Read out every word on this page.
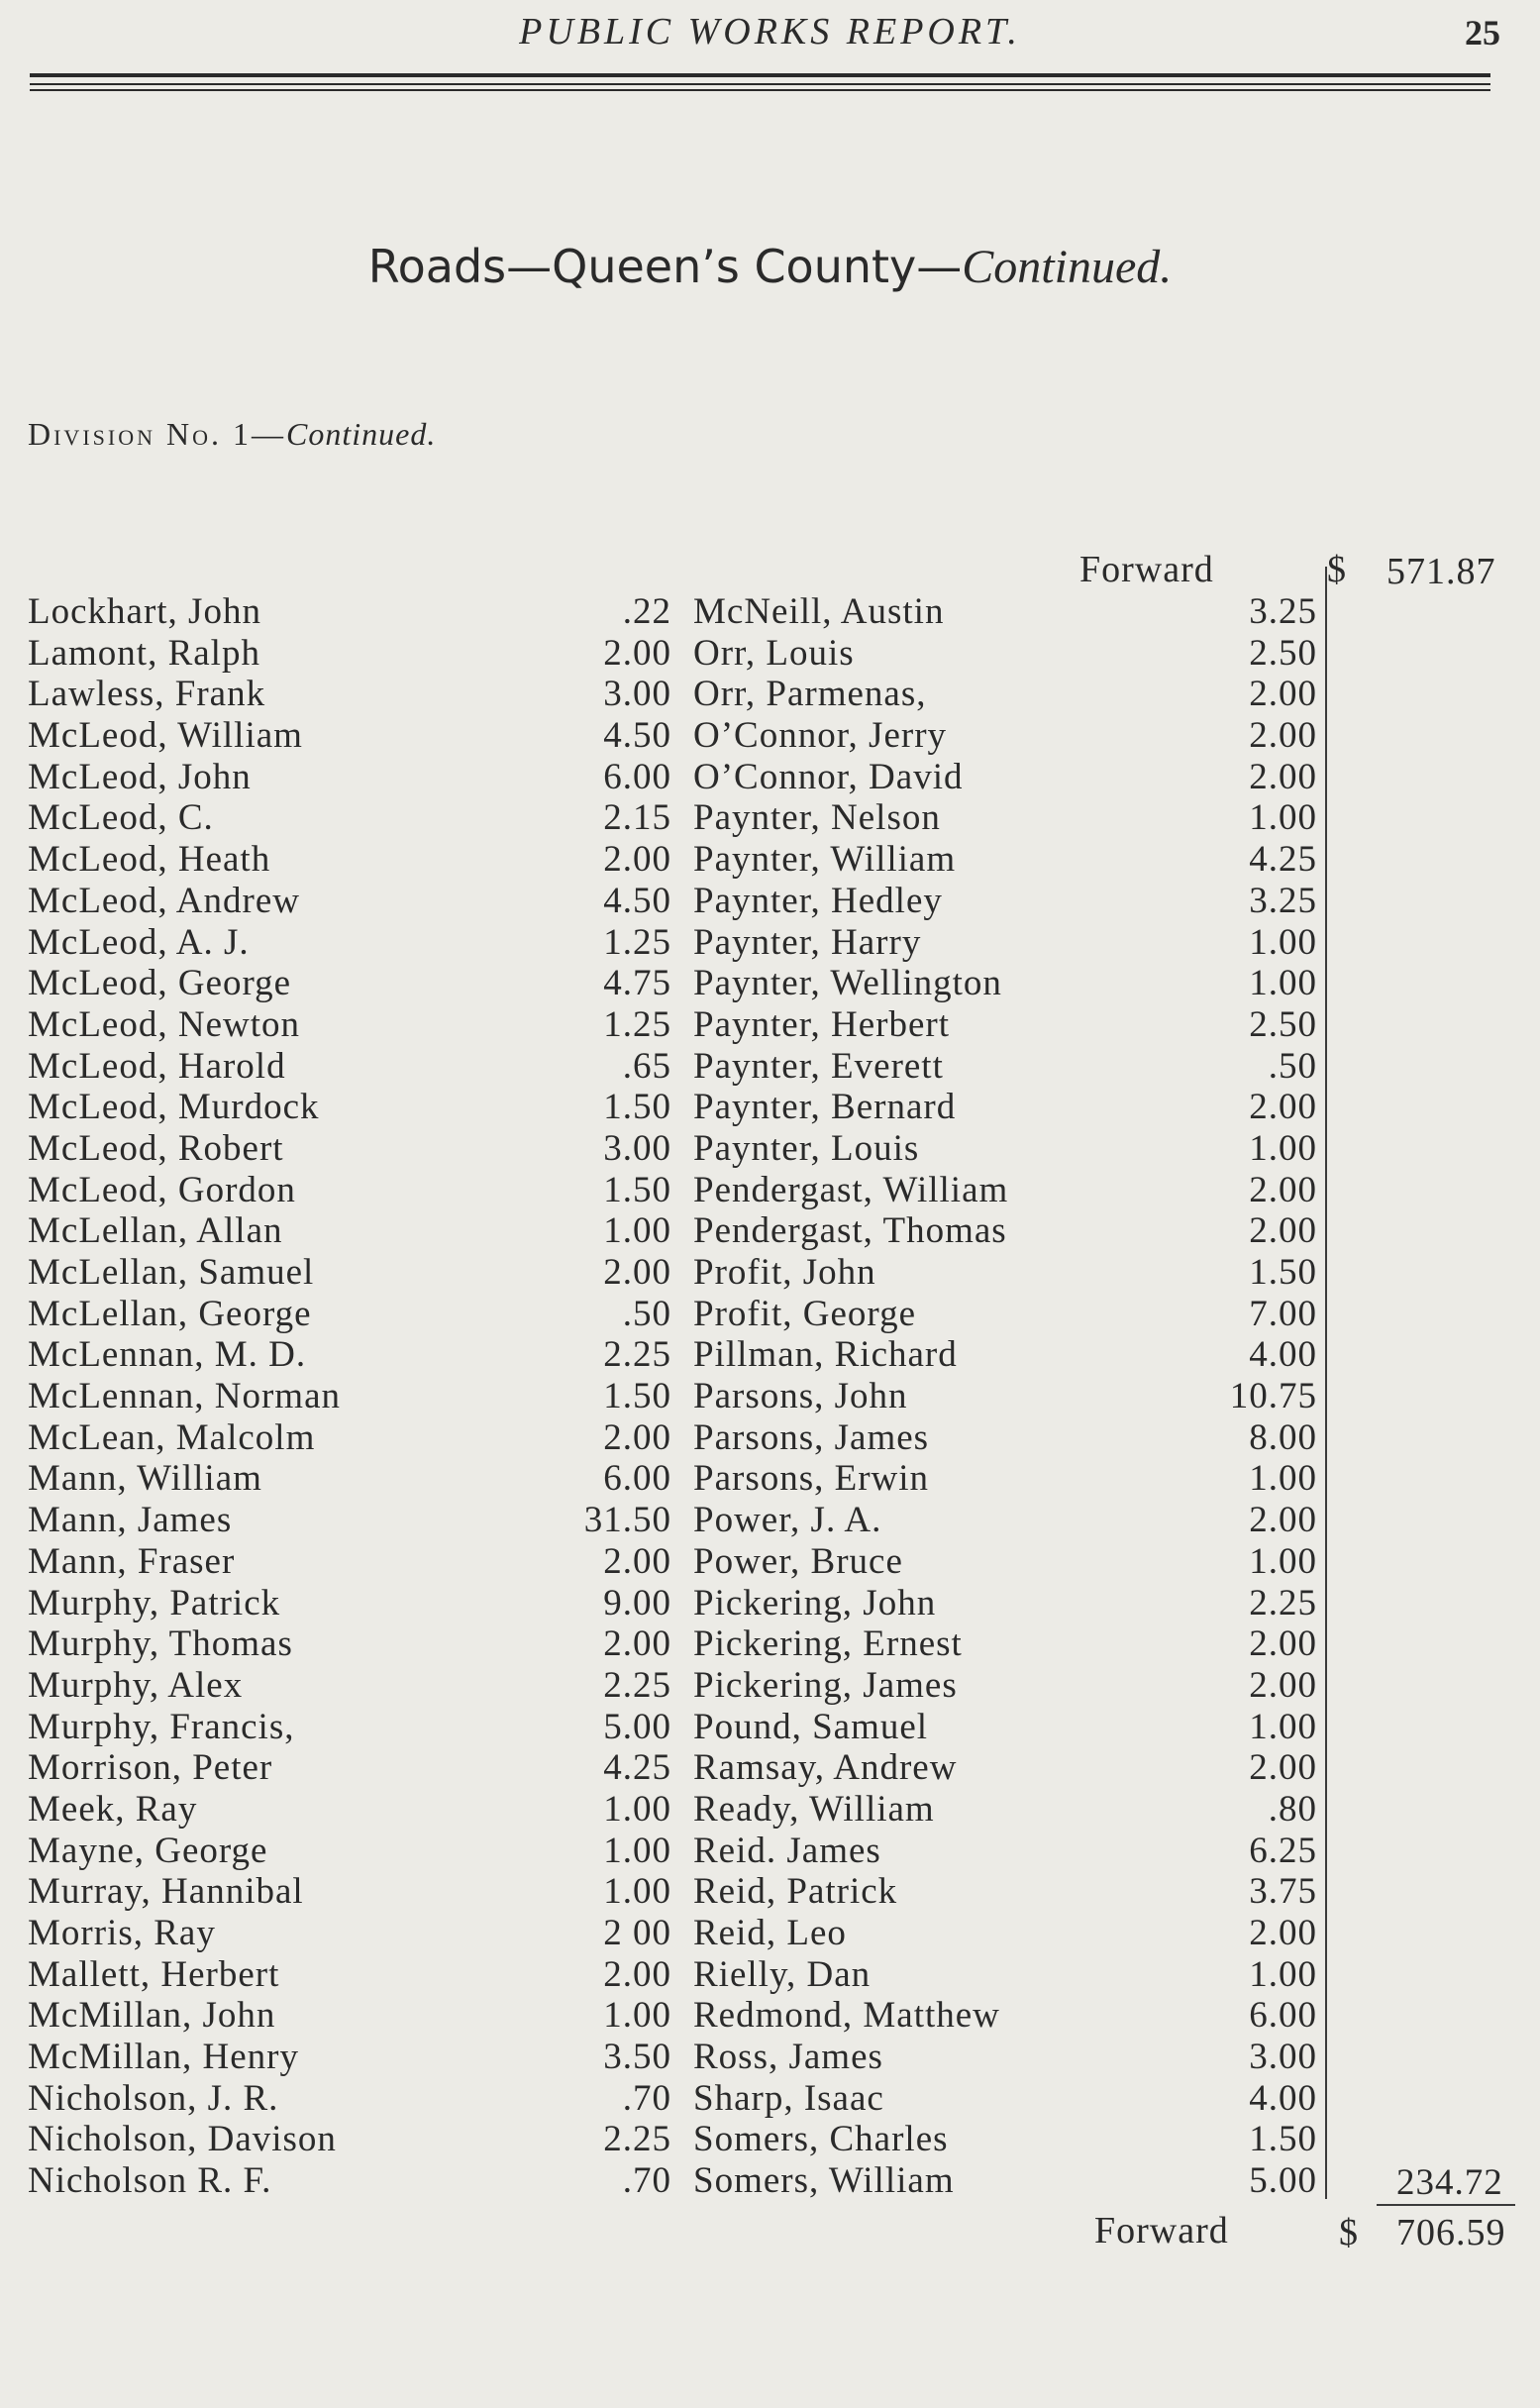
PUBLIC WORKS REPORT.	25
Roads—Queen’s County—Continued.
Division No. 1—Continued.
Forward	$ 571.87
Lockhart, John	.22
Lamont, Ralph	2.00
Lawless, Frank	3.00
McLeod, William	4.50
McLeod, John	6.00
McLeod, C.	2.15
McLeod, Heath	2.00
McLeod, Andrew	4.50
McLeod, A. J.	1.25
McLeod, George	4.75
McLeod, Newton	1.25
McLeod, Harold	.65
McLeod, Murdock	1.50
McLeod, Robert	3.00
McLeod, Gordon	1.50
McLellan, Allan	1.00
McLellan, Samuel	2.00
McLellan, George	.50
McLennan, M. D.	2.25
McLennan, Norman	1.50
McLean, Malcolm	2.00
Mann, William	6.00
Mann, James	31.50
Mann, Fraser	2.00
Murphy, Patrick	9.00
Murphy, Thomas	2.00
Murphy, Alex	2.25
Murphy, Francis,	5.00
Morrison, Peter	4.25
Meek, Ray	1.00
Mayne, George	1.00
Murray, Hannibal	1.00
Morris, Ray	2 00
Mallett, Herbert	2.00
McMillan, John	1.00
McMillan, Henry	3.50
Nicholson, J. R.	.70
Nicholson, Davison	2.25
Nicholson R. F.	.70
McNeill, Austin	3.25
Orr, Louis	2.50
Orr, Parmenas,	2.00
O’Connor, Jerry	2.00
O’Connor, David	2.00
Paynter, Nelson	1.00
Paynter, William	4.25
Paynter, Hedley	3.25
Paynter, Harry	1.00
Paynter, Wellington	1.00
Paynter, Herbert	2.50
Paynter, Everett	.50
Paynter, Bernard	2.00
Paynter, Louis	1.00
Pendergast, William	2.00
Pendergast, Thomas	2.00
Profit, John	1.50
Profit, George	7.00
Pillman, Richard	4.00
Parsons, John	10.75
Parsons, James	8.00
Parsons, Erwin	1.00
Power, J. A.	2.00
Power, Bruce	1.00
Pickering, John	2.25
Pickering, Ernest	2.00
Pickering, James	2.00
Pound, Samuel	1.00
Ramsay, Andrew	2.00
Ready, William	.80
Reid. James	6.25
Reid, Patrick	3.75
Reid, Leo	2.00
Rielly, Dan	1.00
Redmond, Matthew	6.00
Ross, James	3.00
Sharp, Isaac	4.00
Somers, Charles	1.50
Somers, William	5.00 234.72
Forward	$ 706.59
